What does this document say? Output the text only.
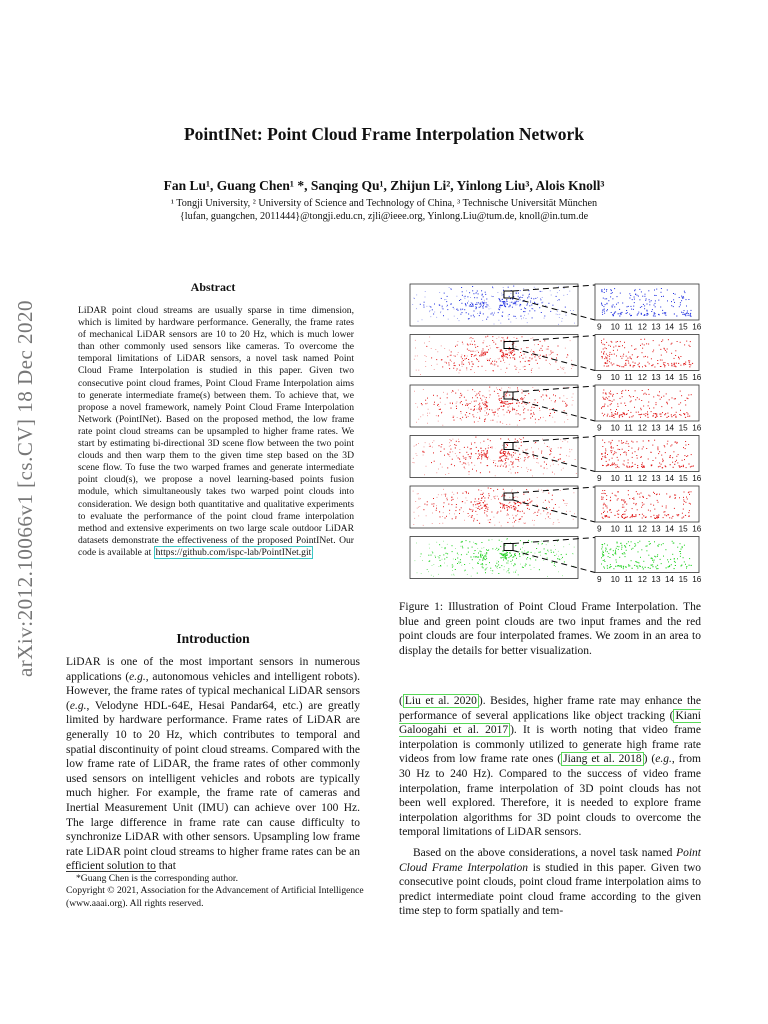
arXiv:2012.10066v1 [cs.CV] 18 Dec 2020
PointINet: Point Cloud Frame Interpolation Network
Fan Lu¹, Guang Chen¹ *, Sanqing Qu¹, Zhijun Li², Yinlong Liu³, Alois Knoll³
¹ Tongji University, ² University of Science and Technology of China, ³ Technische Universität München
{lufan, guangchen, 2011444}@tongji.edu.cn, zjli@ieee.org, Yinlong.Liu@tum.de, knoll@in.tum.de
Abstract
LiDAR point cloud streams are usually sparse in time dimension, which is limited by hardware performance. Generally, the frame rates of mechanical LiDAR sensors are 10 to 20 Hz, which is much lower than other commonly used sensors like cameras. To overcome the temporal limitations of LiDAR sensors, a novel task named Point Cloud Frame Interpolation is studied in this paper. Given two consecutive point cloud frames, Point Cloud Frame Interpolation aims to generate intermediate frame(s) between them. To achieve that, we propose a novel framework, namely Point Cloud Frame Interpolation Network (PointINet). Based on the proposed method, the low frame rate point cloud streams can be upsampled to higher frame rates. We start by estimating bi-directional 3D scene flow between the two point clouds and then warp them to the given time step based on the 3D scene flow. To fuse the two warped frames and generate intermediate point cloud(s), we propose a novel learning-based points fusion module, which simultaneously takes two warped point clouds into consideration. We design both quantitative and qualitative experiments to evaluate the performance of the point cloud frame interpolation method and extensive experiments on two large scale outdoor LiDAR datasets demonstrate the effectiveness of the proposed PointINet. Our code is available at https://github.com/ispc-lab/PointINet.git
Introduction
LiDAR is one of the most important sensors in numerous applications (e.g., autonomous vehicles and intelligent robots). However, the frame rates of typical mechanical LiDAR sensors (e.g., Velodyne HDL-64E, Hesai Pandar64, etc.) are greatly limited by hardware performance. Frame rates of LiDAR are generally 10 to 20 Hz, which contributes to temporal and spatial discontinuity of point cloud streams. Compared with the low frame rate of LiDAR, the frame rates of other commonly used sensors on intelligent vehicles and robots are typically much higher. For example, the frame rate of cameras and Inertial Measurement Unit (IMU) can achieve over 100 Hz. The large difference in frame rate can cause difficulty to synchronize LiDAR with other sensors. Upsampling low frame rate LiDAR point cloud streams to higher frame rates can be an efficient solution to that
*Guang Chen is the corresponding author.
Copyright © 2021, Association for the Advancement of Artificial Intelligence (www.aaai.org). All rights reserved.
9 10 11 12 13 14 15 16
9 10 11 12 13 14 15 16
9 10 11 12 13 14 15 16
9 10 11 12 13 14 15 16
9 10 11 12 13 14 15 16
9 10 11 12 13 14 15 16
Figure 1: Illustration of Point Cloud Frame Interpolation. The blue and green point clouds are two input frames and the red point clouds are four interpolated frames. We zoom in an area to display the details for better visualization.

( Liu et al. 2020 ). Besides, higher frame rate may enhance the performance of several applications like object tracking ( Kiani Galoogahi et al. 2017 ). It is worth noting that video frame interpolation is commonly utilized to generate high frame rate videos from low frame rate ones ( Jiang et al. 2018 ) (e.g., from 30 Hz to 240 Hz). Compared to the success of video frame interpolation, frame interpolation of 3D point clouds has not been well explored. Therefore, it is needed to explore frame interpolation algorithms for 3D point clouds to overcome the temporal limitations of LiDAR sensors.

Based on the above considerations, a novel task named Point Cloud Frame Interpolation is studied in this paper. Given two consecutive point clouds, point cloud frame interpolation aims to predict intermediate point cloud frame according to the given time step to form spatially and tem-
